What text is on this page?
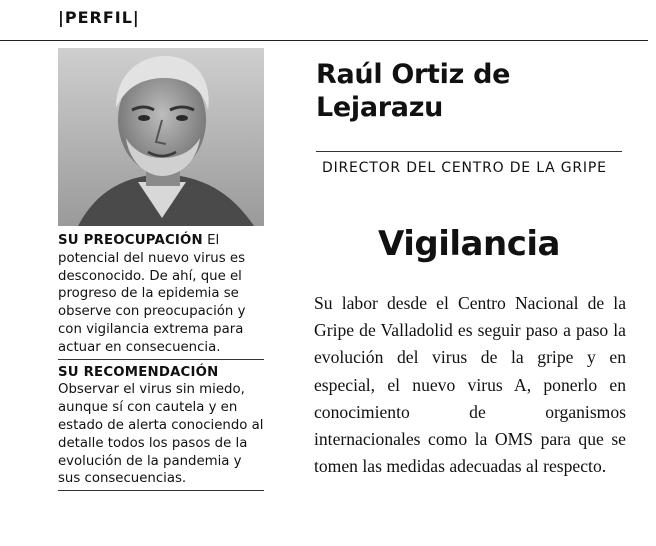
|PERFIL|
SU PREOCUPACIÓN El potencial del nuevo virus es desconocido. De ahí, que el progreso de la epidemia se observe con preocupación y con vigilancia extrema para actuar en consecuencia.
SU RECOMENDACIÓN
Observar el virus sin miedo, aunque sí con cautela y en estado de alerta conociendo al detalle todos los pasos de la evolución de la pandemia y sus consecuencias.
Raúl Ortiz de Lejarazu
DIRECTOR DEL CENTRO DE LA GRIPE
Vigilancia
Su labor desde el Centro Nacional de la Gripe de Valladolid es seguir paso a paso la evolución del virus de la gripe y en especial, el nuevo virus A, ponerlo en conocimiento de organismos internacionales como la OMS para que se tomen las medidas adecuadas al respecto.
